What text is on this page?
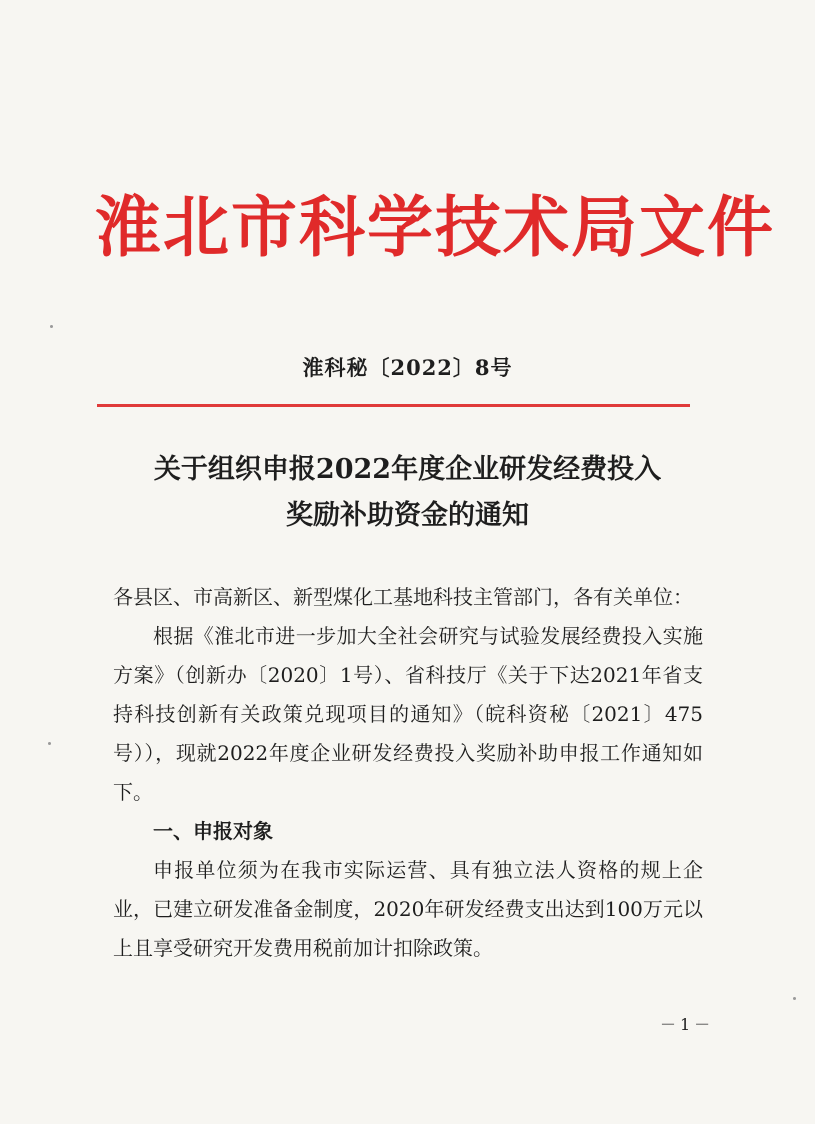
淮北市科学技术局文件
淮科秘〔2022〕8号
关于组织申报2022年度企业研发经费投入
奖励补助资金的通知

各县区、市高新区、新型煤化工基地科技主管部门，各有关单位：

根据《淮北市进一步加大全社会研究与试验发展经费投入实施方案》（创新办〔2020〕1号）、省科技厅《关于下达2021年省支持科技创新有关政策兑现项目的通知》（皖科资秘〔2021〕475号）），现就2022年度企业研发经费投入奖励补助申报工作通知如下。

一、申报对象

申报单位须为在我市实际运营、具有独立法人资格的规上企业，已建立研发准备金制度，2020年研发经费支出达到100万元以上且享受研究开发费用税前加计扣除政策。

－1－
